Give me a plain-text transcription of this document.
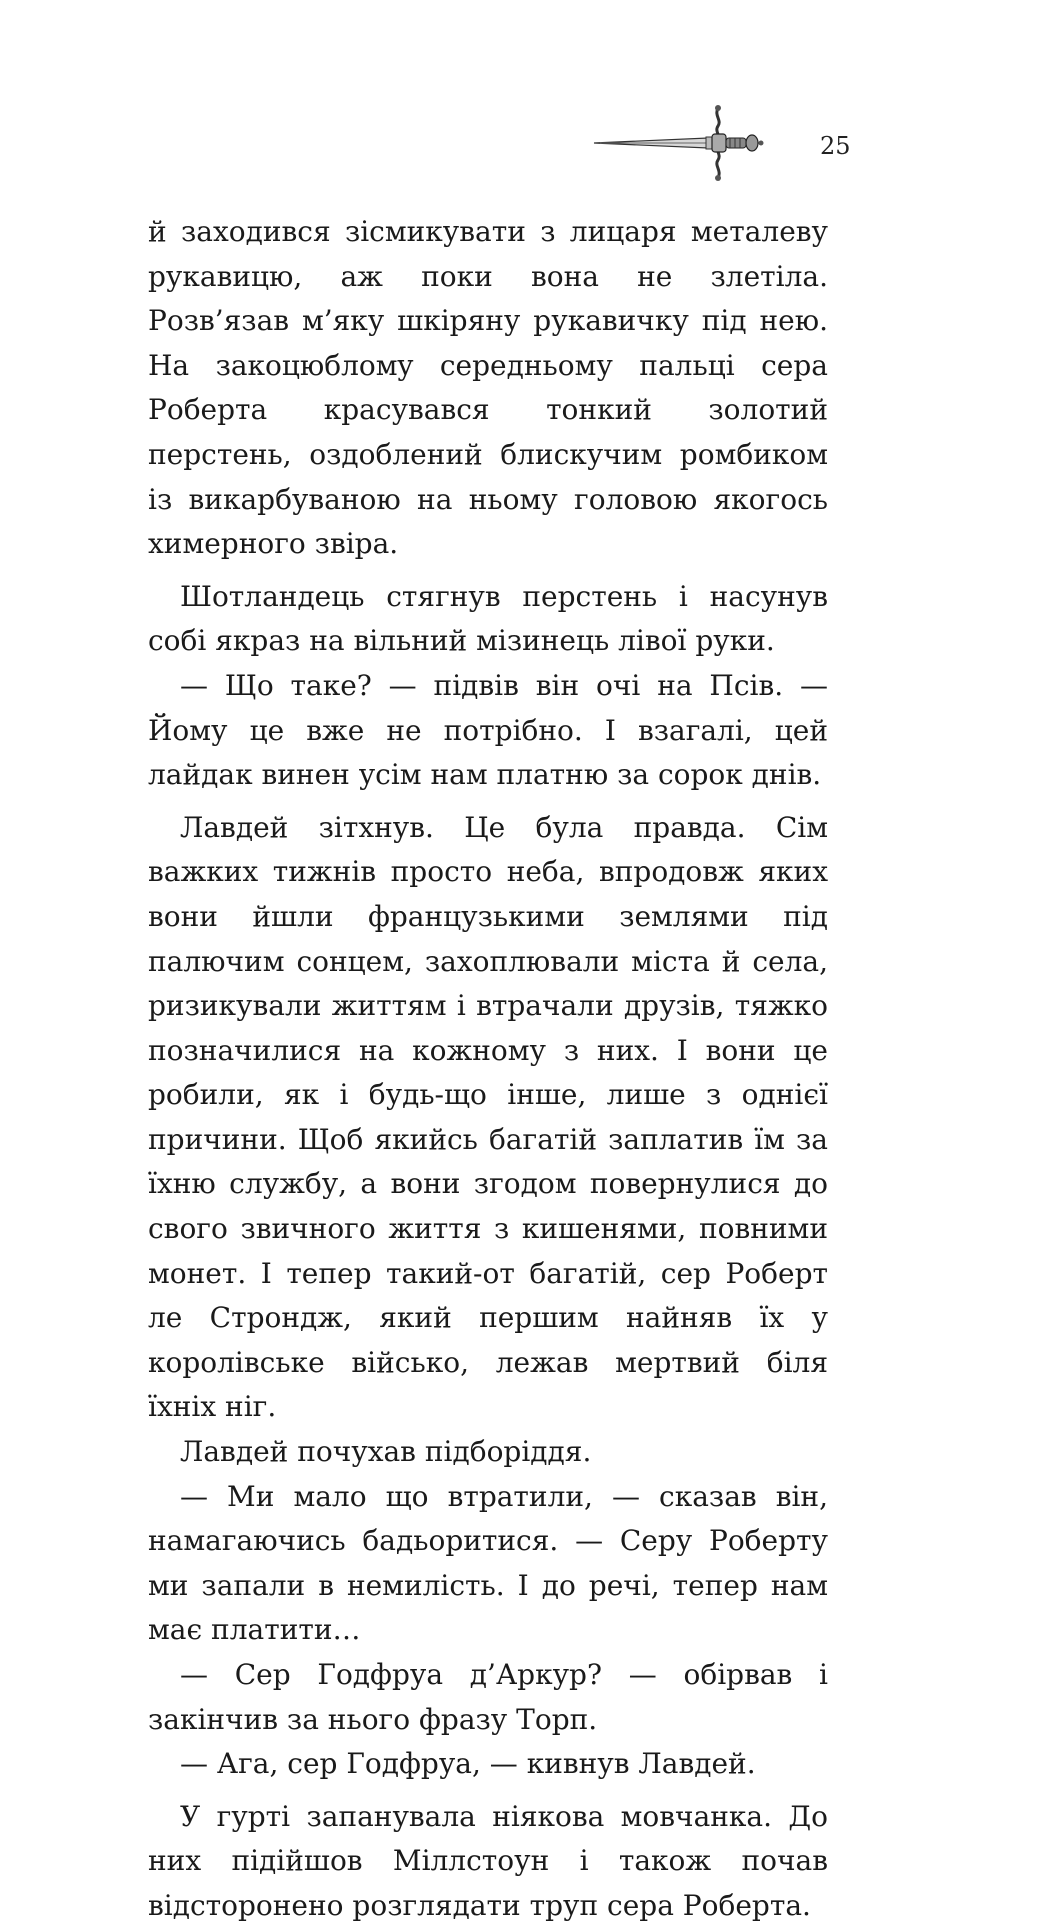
25

й заходився зісмикувати з лицаря металеву рукавицю, аж поки вона не злетіла. Розв’язав м’яку шкіряну рукавичку під нею. На закоцюбломy середньому пальці сера Роберта красувався тонкий золотий перстень, оздоблений блискучим ромбиком із викарбуваною на ньому головою якогось химерного звіра.

Шотландець стягнув перстень і насунув собі якраз на вільний мізинець лівої руки.

— Що таке? — підвів він очі на Псів. — Йому це вже не потрібно. І взагалі, цей лайдак винен усім нам платню за сорок днів.

Лавдей зітхнув. Це була правда. Сім важких тижнів просто неба, впродовж яких вони йшли французькими землями під палючим сонцем, захоплювали міста й села, ризикували життям і втрачали друзів, тяжко позначилися на кожному з них. І вони це робили, як і будь-що інше, лише з однієї причини. Щоб якийсь багатій заплатив їм за їхню службу, а вони згодом повернулися до свого звичного життя з кишенями, повними монет. І тепер такий-от багатій, сер Роберт ле Строндж, який першим найняв їх у королівське військо, лежав мертвий біля їхніх ніг.

Лавдей почухав підборіддя.

— Ми мало що втратили, — сказав він, намагаючись бадьоритися. — Серу Роберту ми запали в немилість. І до речі, тепер нам має платити…

— Сер Годфруа д’Аркур? — обірвав і закінчив за нього фразу Торп.

— Ага, сер Годфруа, — кивнув Лавдей.

У гурті запанувала ніякова мовчанка. До них підійшов Міллстоун і також почав відсторонено розглядати труп сера Роберта.
